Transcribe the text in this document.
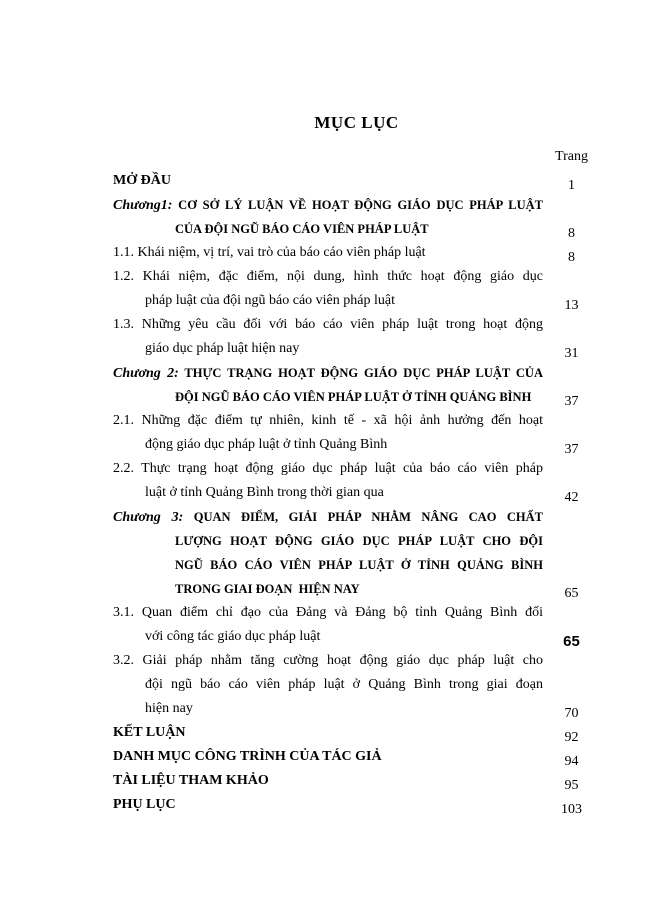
MỤC LỤC
Trang
MỞ ĐẦU	1
Chương1: CƠ SỞ LÝ LUẬN VỀ HOẠT ĐỘNG GIÁO DỤC PHÁP LUẬT
CỦA ĐỘI NGŨ BÁO CÁO VIÊN PHÁP LUẬT	8
1.1. Khái niệm, vị trí, vai trò của báo cáo viên pháp luật	8
1.2. Khái niệm, đặc điểm, nội dung, hình thức hoạt động giáo dục
pháp luật của đội ngũ báo cáo viên pháp luật	13
1.3. Những yêu cầu đối với báo cáo viên pháp luật trong hoạt động
giáo dục pháp luật hiện nay	31
Chương 2: THỰC TRẠNG HOẠT ĐỘNG GIÁO DỤC PHÁP LUẬT CỦA
ĐỘI NGŨ BÁO CÁO VIÊN PHÁP LUẬT Ở TỈNH QUẢNG BÌNH	37
2.1. Những đặc điểm tự nhiên, kinh tế - xã hội ảnh hưởng đến hoạt
động giáo dục pháp luật ở tỉnh Quảng Bình	37
2.2. Thực trạng hoạt động giáo dục pháp luật của báo cáo viên pháp
luật ở tỉnh Quảng Bình trong thời gian qua	42
Chương 3: QUAN ĐIỂM, GIẢI PHÁP NHẰM NÂNG CAO CHẤT
LƯỢNG HOẠT ĐỘNG GIÁO DỤC PHÁP LUẬT CHO ĐỘI
NGŨ BÁO CÁO VIÊN PHÁP LUẬT Ở TỈNH QUẢNG BÌNH
TRONG GIAI ĐOẠN  HIỆN NAY	65
3.1. Quan điểm chỉ đạo của Đảng và Đảng bộ tỉnh Quảng Bình đối
với công tác giáo dục pháp luật	65
3.2. Giải pháp nhằm tăng cường hoạt động giáo dục pháp luật cho
đội ngũ báo cáo viên pháp luật ở Quảng Bình trong giai đoạn
hiện nay	70
KẾT LUẬN	92
DANH MỤC CÔNG TRÌNH CỦA TÁC GIẢ	94
TÀI LIỆU THAM KHẢO	95
PHỤ LỤC	103
